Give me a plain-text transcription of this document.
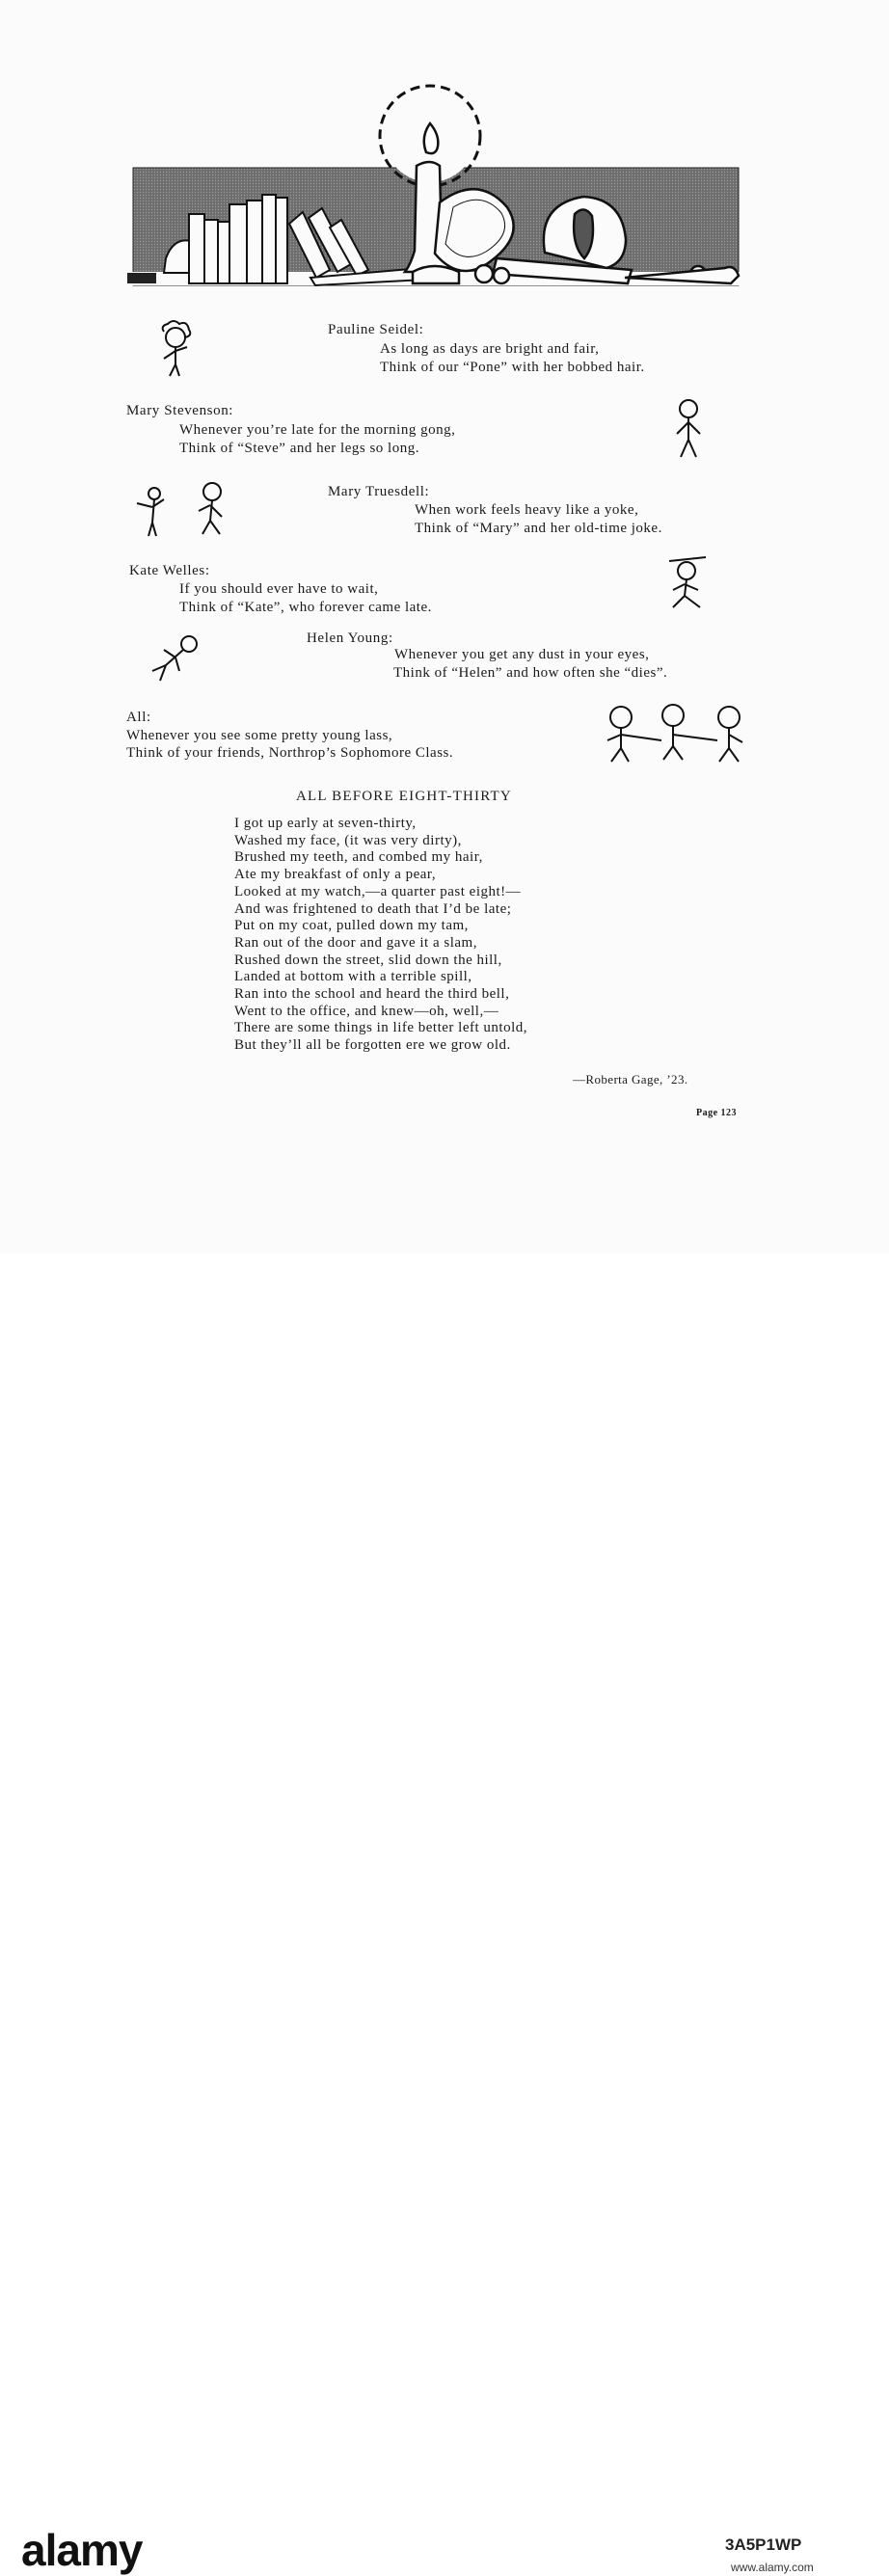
Pauline Seidel:
As long as days are bright and fair,
Think of our “Pone” with her bobbed hair.
Mary Stevenson:
Whenever you’re late for the morning gong,
Think of “Steve” and her legs so long.
Mary Truesdell:
When work feels heavy like a yoke,
Think of “Mary” and her old-time joke.
Kate Welles:
If you should ever have to wait,
Think of “Kate”, who forever came late.
Helen Young:
Whenever you get any dust in your eyes,
Think of “Helen” and how often she “dies”.
All:
Whenever you see some pretty young lass,
Think of your friends, Northrop’s Sophomore Class.
ALL BEFORE EIGHT-THIRTY
I got up early at seven-thirty,
Washed my face, (it was very dirty),
Brushed my teeth, and combed my hair,
Ate my breakfast of only a pear,
Looked at my watch,—a quarter past eight!—
And was frightened to death that I’d be late;
Put on my coat, pulled down my tam,
Ran out of the door and gave it a slam,
Rushed down the street, slid down the hill,
Landed at bottom with a terrible spill,
Ran into the school and heard the third bell,
Went to the office, and knew—oh, well,—
There are some things in life better left untold,
But they’ll all be forgotten ere we grow old.
—Roberta Gage, ’23.
Page 123
alamy	3A5P1WP
www.alamy.com
